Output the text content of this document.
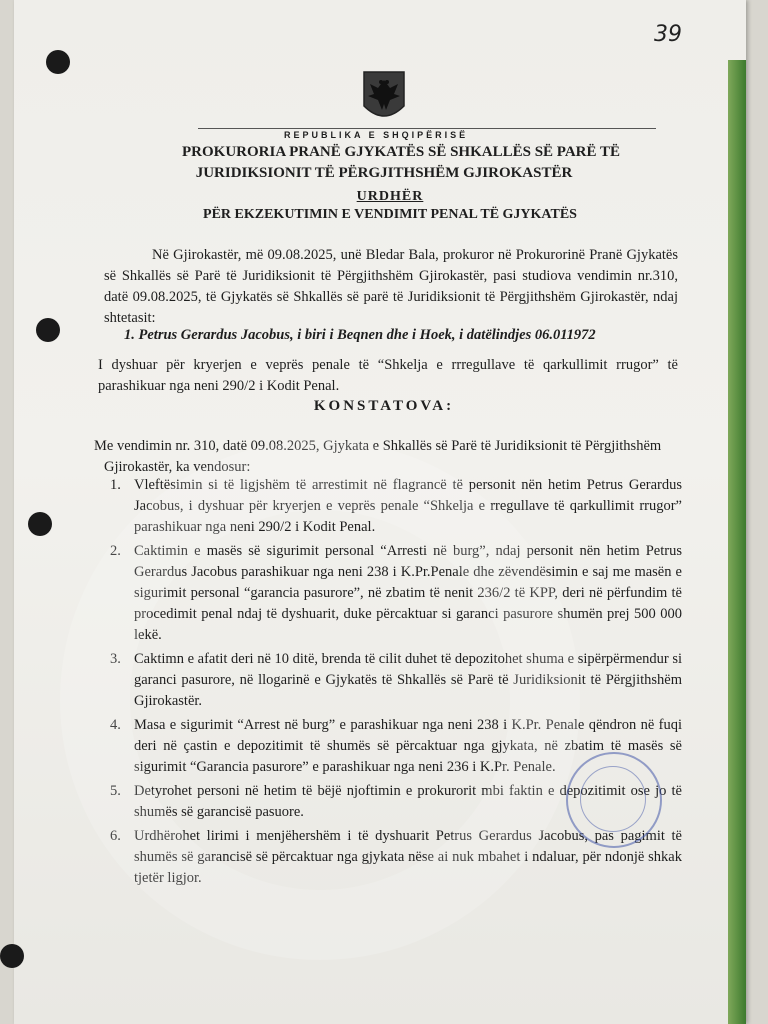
39
REPUBLIKA E SHQIPËRISË
PROKURORIA PRANË GJYKATËS SË SHKALLËS SË PARË TË
JURIDIKSIONIT TË PËRGJITHSHËM GJIROKASTËR
URDHËR
PËR EKZEKUTIMIN E VENDIMIT PENAL TË GJYKATËS
Në Gjirokastër, më 09.08.2025, unë Bledar Bala, prokuror në Prokurorinë Pranë Gjykatës së Shkallës së Parë të Juridiksionit të Përgjithshëm Gjirokastër, pasi studiova vendimin nr.310, datë 09.08.2025, të Gjykatës së Shkallës së parë të Juridiksionit të Përgjithshëm Gjirokastër, ndaj shtetasit:
1. Petrus Gerardus Jacobus, i biri i Beqnen dhe i Hoek, i datëlindjes 06.011972
I dyshuar për kryerjen e veprës penale të “Shkelja e rrregullave të qarkullimit rrugor” të parashikuar nga neni 290/2 i Kodit Penal.
KONSTATOVA:
Me vendimin nr. 310, datë 09.08.2025, Gjykata e Shkallës së Parë të Juridiksionit të Përgjithshëm
Gjirokastër, ka vendosur:
1. Vleftësimin si të ligjshëm të arrestimit në flagrancë të personit nën hetim Petrus Gerardus Jacobus, i dyshuar për kryerjen e veprës penale “Shkelja e rregullave të qarkullimit rrugor” parashikuar nga neni 290/2 i Kodit Penal.
2. Caktimin e masës së sigurimit personal “Arresti në burg”, ndaj personit nën hetim Petrus Gerardus Jacobus parashikuar nga neni 238 i K.Pr.Penale dhe zëvendësimin e saj me masën e sigurimit personal “garancia pasurore”, në zbatim të nenit 236/2 të KPP, deri në përfundim të procedimit penal ndaj të dyshuarit, duke përcaktuar si garanci pasurore shumën prej 500 000 lekë.
3. Caktimn e afatit deri në 10 ditë, brenda të cilit duhet të depozitohet shuma e sipërpërmendur si garanci pasurore, në llogarinë e Gjykatës të Shkallës së Parë të Juridiksionit të Përgjithshëm Gjirokastër.
4. Masa e sigurimit “Arrest në burg” e parashikuar nga neni 238 i K.Pr. Penale qëndron në fuqi deri në çastin e depozitimit të shumës së përcaktuar nga gjykata, në zbatim të masës së sigurimit “Garancia pasurore” e parashikuar nga neni 236 i K.Pr. Penale.
5. Detyrohet personi në hetim të bëjë njoftimin e prokurorit mbi faktin e depozitimit ose jo të shumës së garancisë pasuore.
6. Urdhërohet lirimi i menjëhershëm i të dyshuarit Petrus Gerardus Jacobus, pas pagimit të shumës së garancisë së përcaktuar nga gjykata nëse ai nuk mbahet i ndaluar, për ndonjë shkak tjetër ligjor.
